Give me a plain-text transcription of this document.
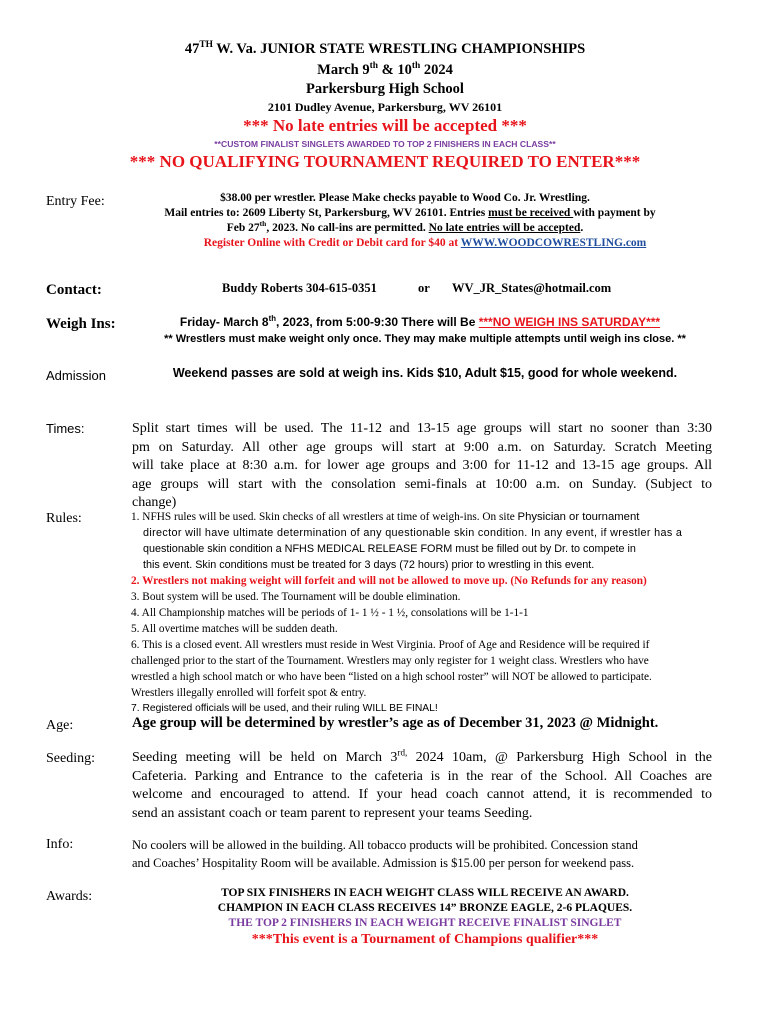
47TH W. Va. JUNIOR STATE WRESTLING CHAMPIONSHIPS
March 9th & 10th 2024
Parkersburg High School
2101 Dudley Avenue, Parkersburg, WV 26101
*** No late entries will be accepted ***
**CUSTOM FINALIST SINGLETS AWARDED TO TOP 2 FINISHERS IN EACH CLASS**
*** NO QUALIFYING TOURNAMENT REQUIRED TO ENTER***
Entry Fee:	$38.00 per wrestler. Please Make checks payable to Wood Co. Jr. Wrestling.
Mail entries to: 2609 Liberty St, Parkersburg, WV 26101. Entries must be received with payment by
Feb 27th, 2023. No call-ins are permitted. No late entries will be accepted.
Register Online with Credit or Debit card for $40 at WWW.WOODCOWRESTLING.com
Contact:	Buddy Roberts 304-615-0351	or WV_JR_States@hotmail.com
Weigh Ins:	Friday- March 8th, 2023, from 5:00-9:30 There will Be ***NO WEIGH INS SATURDAY***
** Wrestlers must make weight only once. They may make multiple attempts until weigh ins close. **
Admission	Weekend passes are sold at weigh ins. Kids $10, Adult $15, good for whole weekend.
Times:	Split start times will be used. The 11-12 and 13-15 age groups will start no sooner than 3:30
pm on Saturday. All other age groups will start at 9:00 a.m. on Saturday. Scratch Meeting
will take place at 8:30 a.m. for lower age groups and 3:00 for 11-12 and 13-15 age groups. All
age groups will start with the consolation semi-finals at 10:00 a.m. on Sunday. (Subject to
change)
Rules:	1. NFHS rules will be used. Skin checks of all wrestlers at time of weigh-ins. On site Physician or tournament
director will have ultimate determination of any questionable skin condition. In any event, if wrestler has a
questionable skin condition a NFHS MEDICAL RELEASE FORM must be filled out by Dr. to compete in
this event. Skin conditions must be treated for 3 days (72 hours) prior to wrestling in this event.
2. Wrestlers not making weight will forfeit and will not be allowed to move up. (No Refunds for any reason)
3. Bout system will be used. The Tournament will be double elimination.
4. All Championship matches will be periods of 1- 1 ½ - 1 ½, consolations will be 1-1-1
5. All overtime matches will be sudden death.
6. This is a closed event. All wrestlers must reside in West Virginia. Proof of Age and Residence will be required if
challenged prior to the start of the Tournament. Wrestlers may only register for 1 weight class. Wrestlers who have
wrestled a high school match or who have been “listed on a high school roster” will NOT be allowed to participate.
Wrestlers illegally enrolled will forfeit spot & entry.
7. Registered officials will be used, and their ruling WILL BE FINAL!
Age:	Age group will be determined by wrestler’s age as of December 31, 2023 @ Midnight.
Seeding:	Seeding meeting will be held on March $3^{rd,}$ 2024 10am, @ Parkersburg High School in the
Cafeteria. Parking and Entrance to the cafeteria is in the rear of the School. All Coaches are
welcome and encouraged to attend. If your head coach cannot attend, it is recommended to
send an assistant coach or team parent to represent your teams Seeding.
Info:	No coolers will be allowed in the building. All tobacco products will be prohibited. Concession stand
and Coaches’ Hospitality Room will be available. Admission is $15.00 per person for weekend pass.
Awards:	TOP SIX FINISHERS IN EACH WEIGHT CLASS WILL RECEIVE AN AWARD.
CHAMPION IN EACH CLASS RECEIVES 14” BRONZE EAGLE, 2-6 PLAQUES.
THE TOP 2 FINISHERS IN EACH WEIGHT RECEIVE FINALIST SINGLET
***This event is a Tournament of Champions qualifier***
